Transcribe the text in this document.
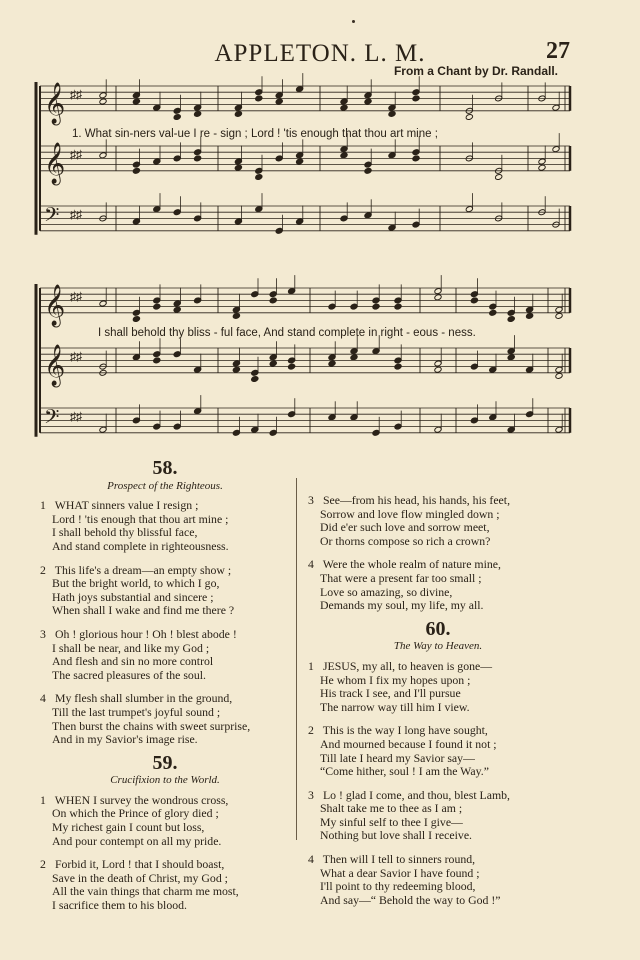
APPLETON. L. M.	27
From a Chant by Dr. Randall.
𝄞 ♯♯
𝄞 ♯♯
𝄢 ♯♯
𝄞 ♯♯
𝄞 ♯♯
𝄢 ♯♯
1. What sin-ners val-ue I re - sign ; Lord ! 'tis enough that thou art mine ;
I shall behold thy bliss - ful face, And stand complete in right - eous - ness.
58.
Prospect of the Righteous.
1 WHAT sinners value I resign ;
Lord ! 'tis enough that thou art mine ;
I shall behold thy blissful face,
And stand complete in righteousness.
2 This life's a dream—an empty show ;
But the bright world, to which I go,
Hath joys substantial and sincere ;
When shall I wake and find me there ?
3 Oh ! glorious hour ! Oh ! blest abode !
I shall be near, and like my God ;
And flesh and sin no more control
The sacred pleasures of the soul.
4 My flesh shall slumber in the ground,
Till the last trumpet's joyful sound ;
Then burst the chains with sweet surprise,
And in my Savior's image rise.
59.
Crucifixion to the World.
1 WHEN I survey the wondrous cross,
On which the Prince of glory died ;
My richest gain I count but loss,
And pour contempt on all my pride.
2 Forbid it, Lord ! that I should boast,
Save in the death of Christ, my God ;
All the vain things that charm me most,
I sacrifice them to his blood.
3 See—from his head, his hands, his feet,
Sorrow and love flow mingled down ;
Did e'er such love and sorrow meet,
Or thorns compose so rich a crown?
4 Were the whole realm of nature mine,
That were a present far too small ;
Love so amazing, so divine,
Demands my soul, my life, my all.
60.
The Way to Heaven.
1 JESUS, my all, to heaven is gone—
He whom I fix my hopes upon ;
His track I see, and I'll pursue
The narrow way till him I view.
2 This is the way I long have sought,
And mourned because I found it not ;
Till late I heard my Savior say—
“Come hither, soul ! I am the Way.”
3 Lo ! glad I come, and thou, blest Lamb,
Shalt take me to thee as I am ;
My sinful self to thee I give—
Nothing but love shall I receive.
4 Then will I tell to sinners round,
What a dear Savior I have found ;
I'll point to thy redeeming blood,
And say—“ Behold the way to God !”
